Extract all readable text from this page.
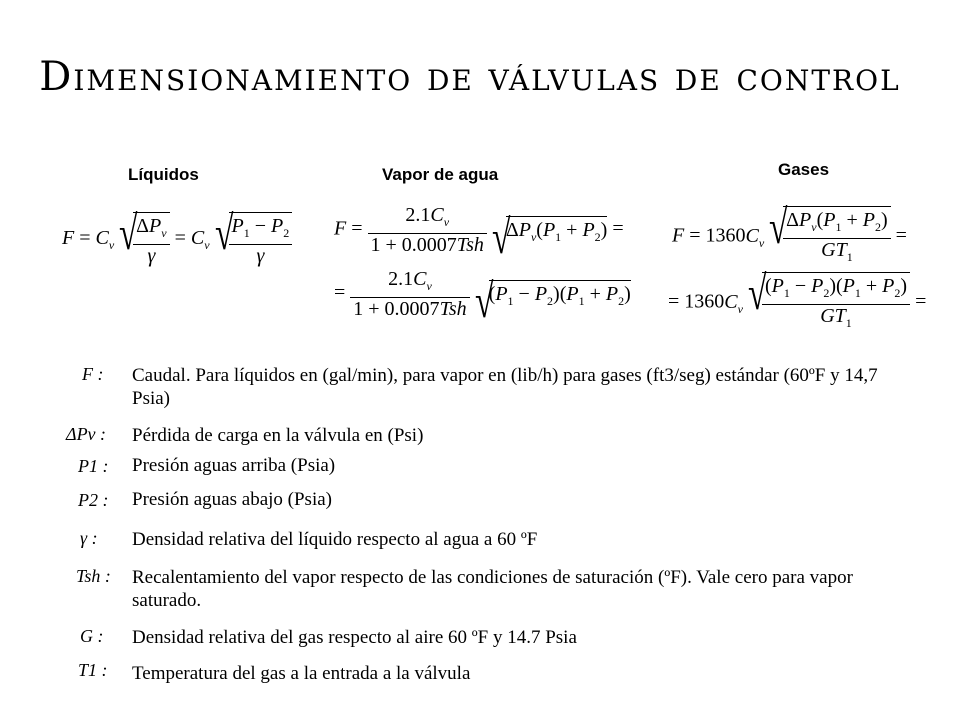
Dimensionamiento de válvulas de control
Líquidos	Vapor de agua	Gases
$F = C_v$ √ $\frac{\Delta P_v}{\gamma} = C_v$ √ $\frac{P_1 - P_2}{\gamma}$ $F = \frac{2.1C_v}{\text{1 + 0.0007Tsh}}$ √ $\Delta P_v(P_1 + P_2)$ =
= $\frac{2.1C_v}{\text{1 + 0.0007Tsh}}$ √ $(P_1 - P_2)(P_1 + P_2)$
$F = 1360C_v$ √ $\frac{\Delta P_v(P_1 + P_2)}{GT_1}$ =
= $1360C_v$ √ $\frac{(P_1 - P_2)(P_1 + P_2)}{GT_1}$ =
F : Caudal. Para líquidos en (gal/min), para vapor en (lib/h) para gases (ft3/seg) estándar (60ºF y 14,7 Psia)
ΔPv : Pérdida de carga en la válvula en (Psi)
P1 : Presión aguas arriba (Psia)
P2 : Presión aguas abajo (Psia)
γ : Densidad relativa del líquido respecto al agua a 60 ºF
Tsh : Recalentamiento del vapor respecto de las condiciones de saturación (ºF). Vale cero para vapor saturado.
G : Densidad relativa del gas respecto al aire 60 ºF y 14.7 Psia
T1 : Temperatura del gas a la entrada a la válvula
